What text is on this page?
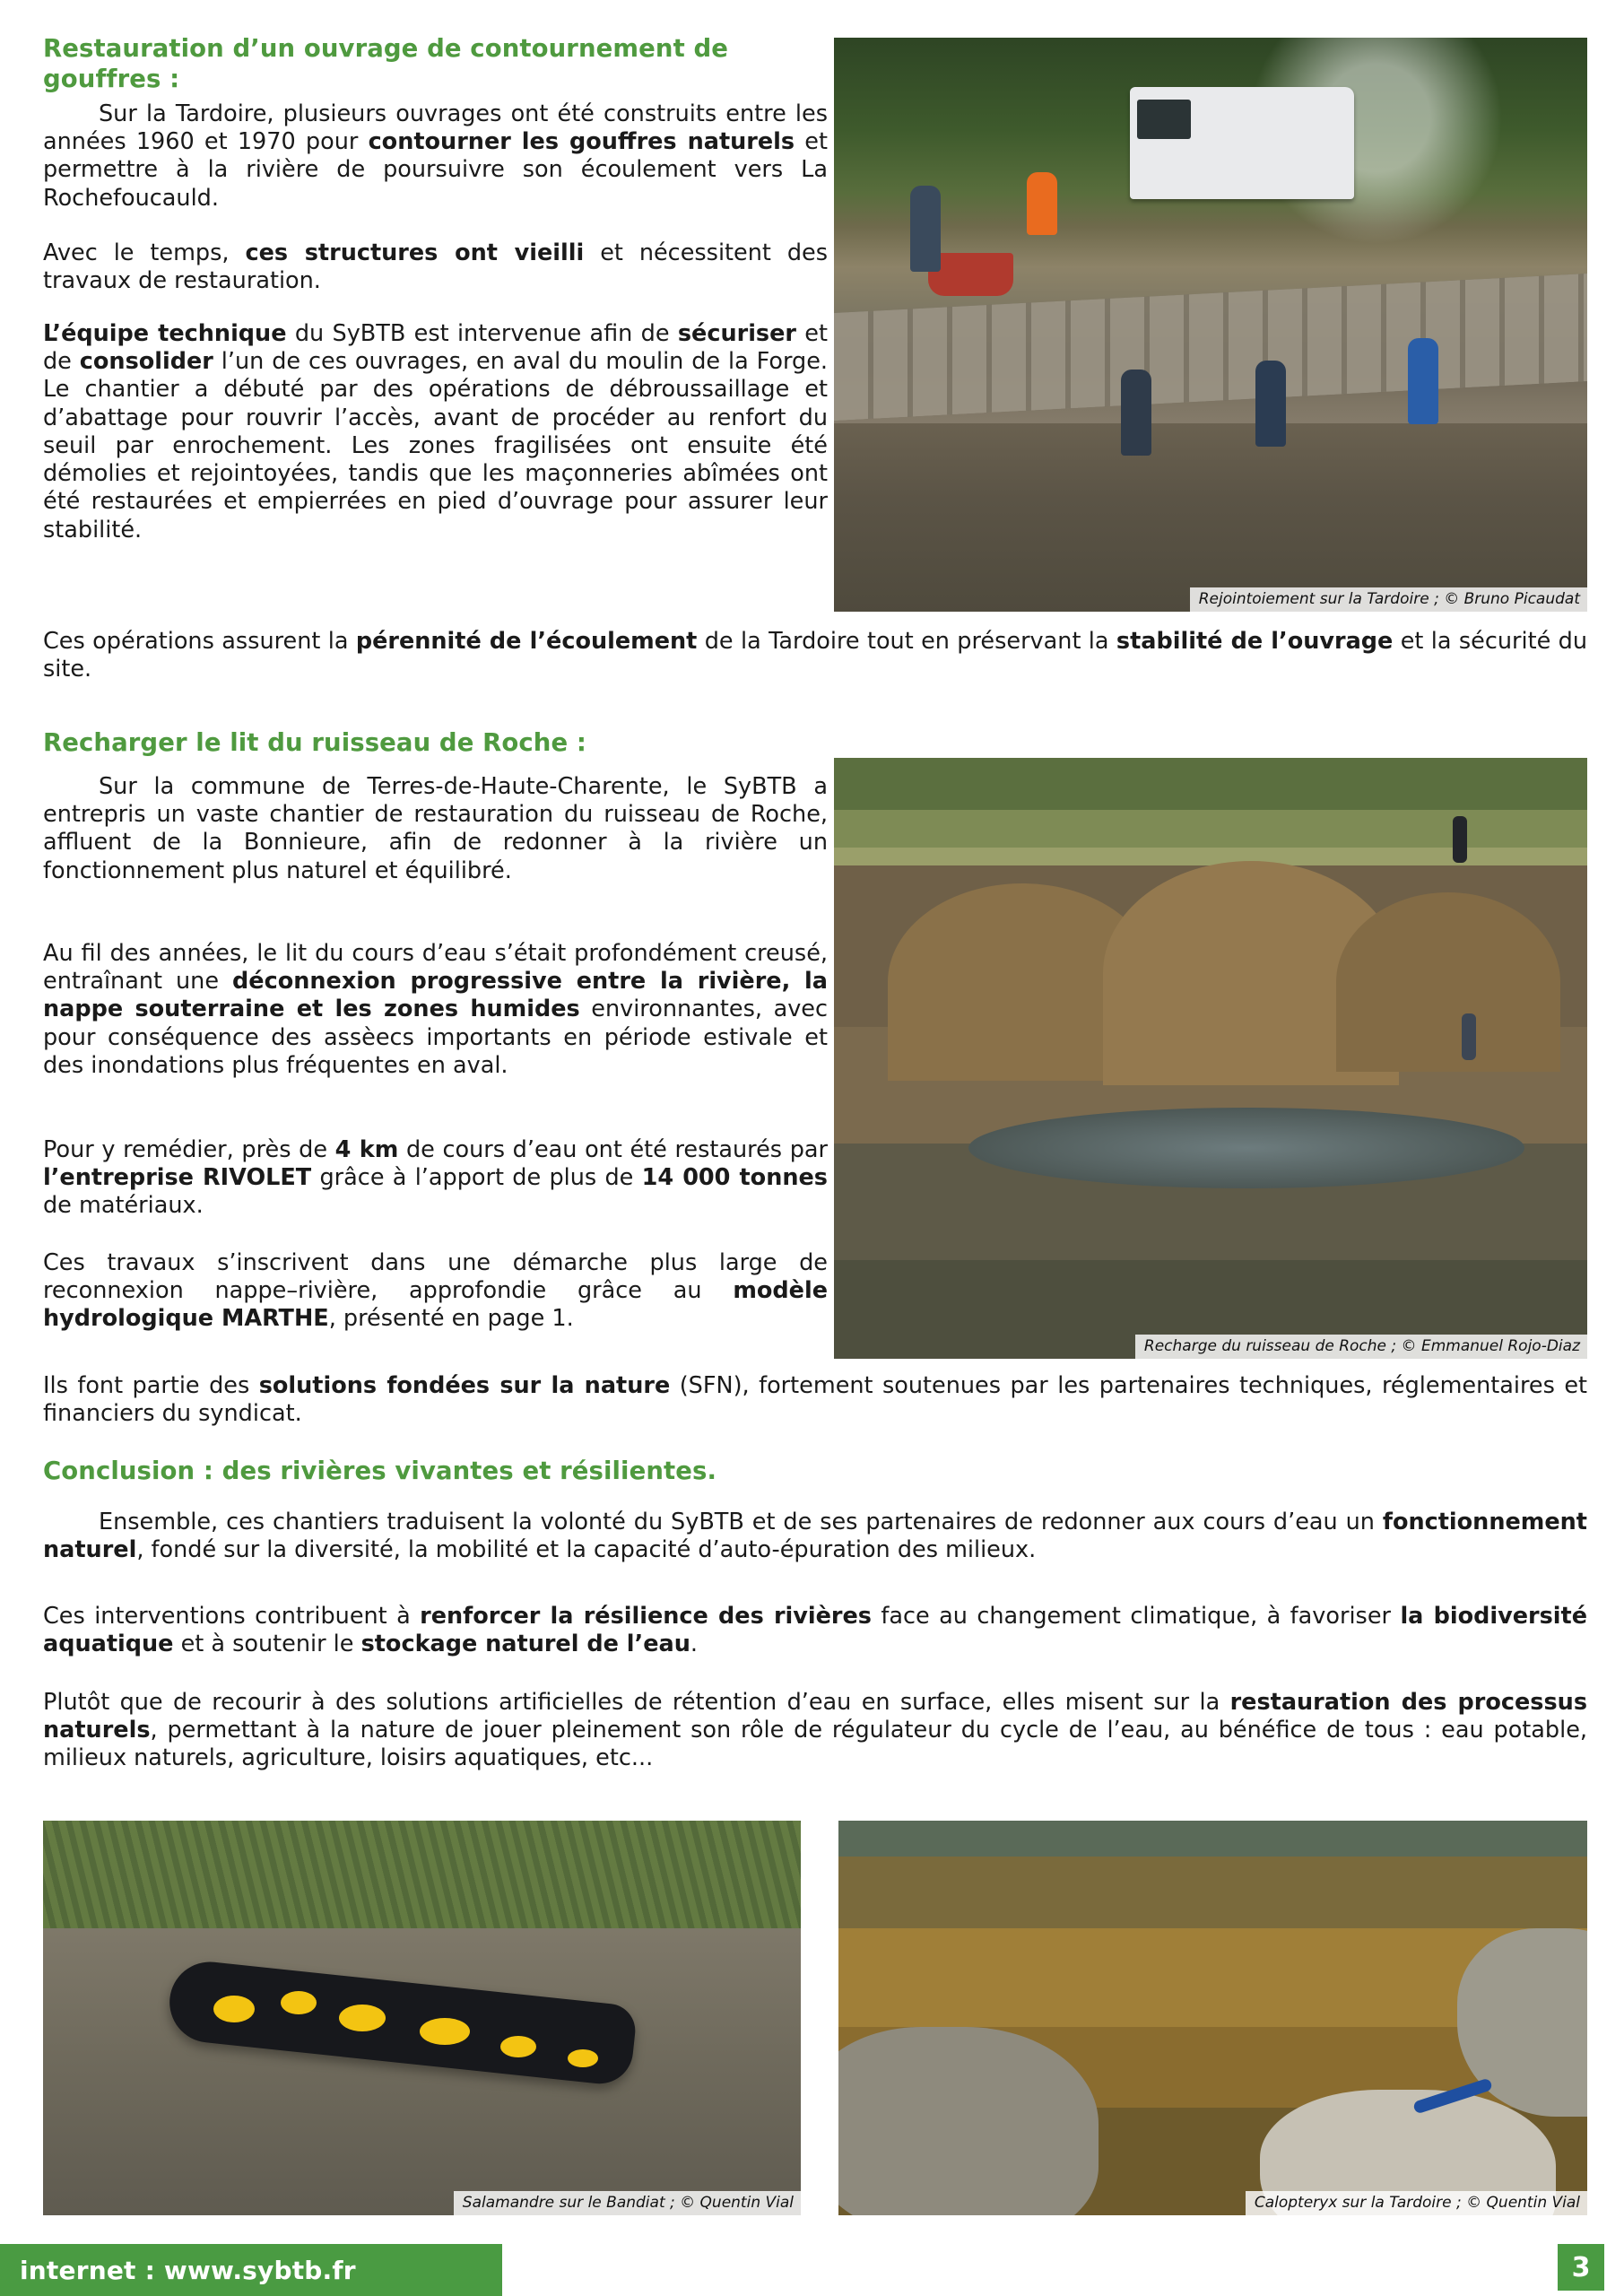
Restauration d’un ouvrage de contournement de gouffres :
Sur la Tardoire, plusieurs ouvrages ont été construits entre les années 1960 et 1970 pour contourner les gouffres naturels et permettre à la rivière de poursuivre son écoulement vers La Rochefoucauld.
Avec le temps, ces structures ont vieilli et nécessitent des travaux de restauration.
L’équipe technique du SyBTB est intervenue afin de sécuriser et de consolider l’un de ces ouvrages, en aval du moulin de la Forge. Le chantier a débuté par des opérations de débroussaillage et d’abattage pour rouvrir l’accès, avant de procéder au renfort du seuil par enrochement. Les zones fragilisées ont ensuite été démolies et rejointoyées, tandis que les maçonneries abîmées ont été restaurées et empierrées en pied d’ouvrage pour assurer leur stabilité.
Ces opérations assurent la pérennité de l’écoulement de la Tardoire tout en préservant la stabilité de l’ouvrage et la sécurité du site.
Recharger le lit du ruisseau de Roche :
Sur la commune de Terres-de-Haute-Charente, le SyBTB a entrepris un vaste chantier de restauration du ruisseau de Roche, affluent de la Bonnieure, afin de redonner à la rivière un fonctionnement plus naturel et équilibré.
Au fil des années, le lit du cours d’eau s’était profondément creusé, entraînant une déconnexion progressive entre la rivière, la nappe souterraine et les zones humides environnantes, avec pour conséquence des assèecs importants en période estivale et des inondations plus fréquentes en aval.
Pour y remédier, près de 4 km de cours d’eau ont été restaurés par l’entreprise RIVOLET grâce à l’apport de plus de 14 000 tonnes de matériaux.
Ces travaux s’inscrivent dans une démarche plus large de reconnexion nappe–rivière, approfondie grâce au modèle hydrologique MARTHE, présenté en page 1.
Ils font partie des solutions fondées sur la nature (SFN), fortement soutenues par les partenaires techniques, réglementaires et financiers du syndicat.
Conclusion : des rivières vivantes et résilientes.
Ensemble, ces chantiers traduisent la volonté du SyBTB et de ses partenaires de redonner aux cours d’eau un fonctionnement naturel, fondé sur la diversité, la mobilité et la capacité d’auto-épuration des milieux.
Ces interventions contribuent à renforcer la résilience des rivières face au changement climatique, à favoriser la biodiversité aquatique et à soutenir le stockage naturel de l’eau.
Plutôt que de recourir à des solutions artificielles de rétention d’eau en surface, elles misent sur la restauration des processus naturels, permettant à la nature de jouer pleinement son rôle de régulateur du cycle de l’eau, au bénéfice de tous : eau potable, milieux naturels, agriculture, loisirs aquatiques, etc...
Rejointoiement sur la Tardoire ; © Bruno Picaudat
Recharge du ruisseau de Roche ; © Emmanuel Rojo-Diaz
Salamandre sur le Bandiat ; © Quentin Vial	Calopteryx sur la Tardoire ; © Quentin Vial
internet : www.sybtb.fr	3
